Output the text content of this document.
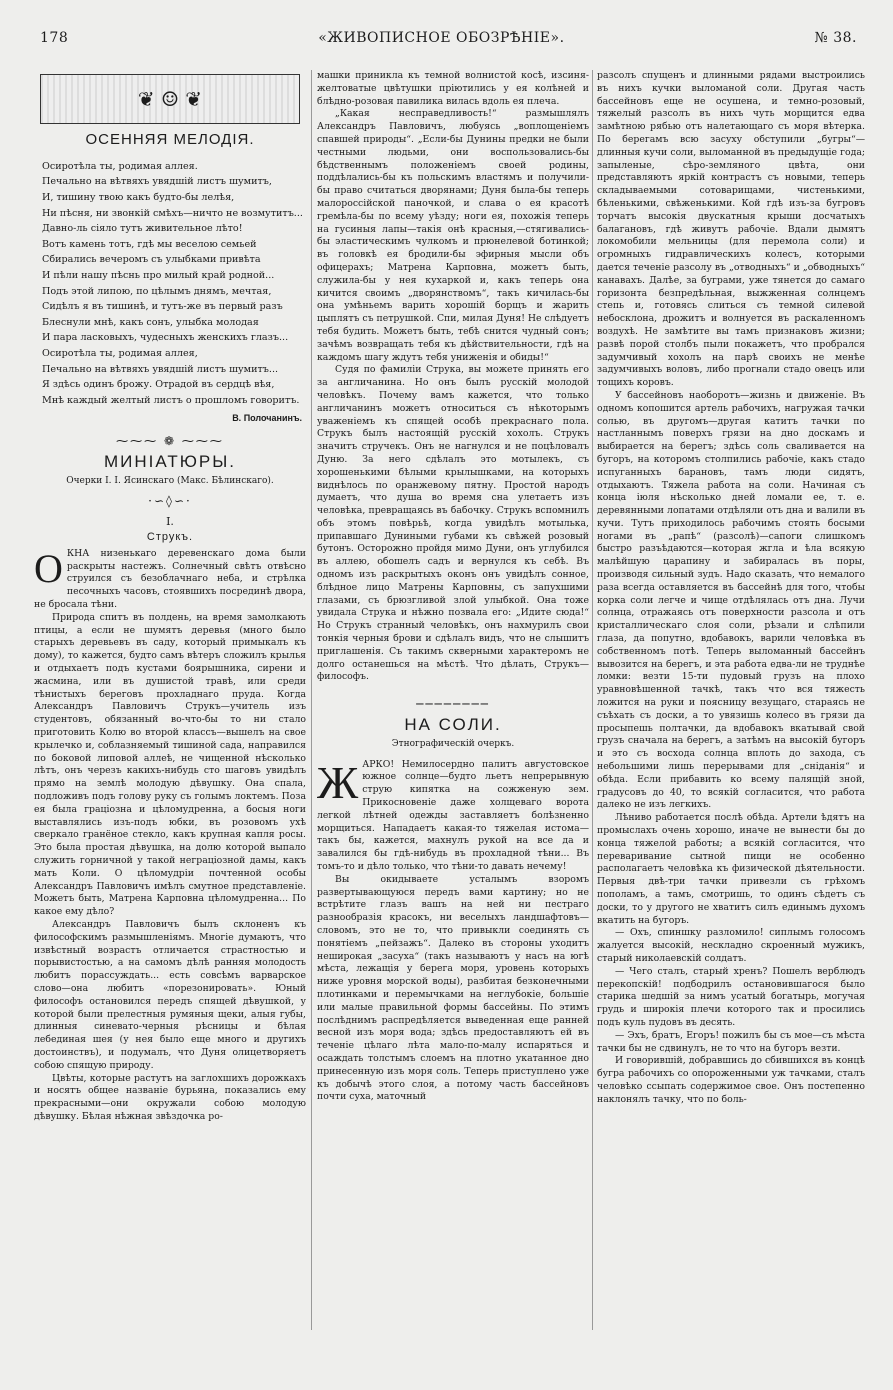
178	«ЖИВОПИСНОЕ ОБОЗРѢНІЕ».	№ 38.
❦ ☺ ❦
ОСЕННЯЯ МЕЛОДІЯ.
Осиротѣла ты, родимая аллея.
Печально на вѣтвяхъ увядшій листъ шумитъ,
И, тишину твою какъ будто-бы лелѣя,
Ни пѣсня, ни звонкій смѣхъ—ничто не возмутитъ...
Давно-ль сіяло тутъ живительное лѣто!
Вотъ камень тотъ, гдѣ мы веселою семьей
Сбирались вечеромъ съ улыбками привѣта
И пѣли нашу пѣснь про милый край родной...
Подъ этой липою, по цѣлымъ днямъ, мечтая,
Сидѣлъ я въ тишинѣ, и тутъ-же въ первый разъ
Блеснули мнѣ, какъ сонъ, улыбка молодая
И пара ласковыхъ, чудесныхъ женскихъ глазъ...
Осиротѣла ты, родимая аллея,
Печально на вѣтвяхъ увядшій листъ шумитъ...
Я здѣсь одинъ брожу. Отрадой въ сердцѣ вѣя,
Мнѣ каждый желтый листъ о прошломъ говоритъ.
В. Полочанинъ.
⁓⁓⁓ ❁ ⁓⁓⁓
МИНІАТЮРЫ.
Очерки І. І. Ясинскаго (Макс. Бѣлинскаго).
·∽◊∽·
I.
Струкъ.
О КНА низенькаго деревенскаго дома были раскрыты настежъ. Солнечный свѣтъ отвѣсно струился съ безоблачнаго неба, и стрѣлка песочныхъ часовъ, стоявшихъ посрединѣ двора, не бросала тѣни.

Природа спитъ въ полдень, на время замолкають птицы, а если не шумятъ деревья (много было старыхъ деревьевъ въ саду, который примыкалъ къ дому), то кажется, будто самъ вѣтеръ сложилъ крылья и отдыхаетъ подъ кустами боярышника, сирени и жасмина, или въ душистой травѣ, или среди тѣнистыхъ береговъ прохладнаго пруда. Когда Александръ Павловичъ Струкъ—учитель изъ студентовъ, обязанный во-что-бы то ни стало приготовить Колю во второй классъ—вышелъ на свое крылечко и, соблазняемый тишиной сада, направился по боковой липовой аллеѣ, не чищенной нѣсколько лѣтъ, онъ черезъ какихъ-нибудь сто шаговъ увидѣлъ прямо на землѣ молодую дѣвушку. Она спала, подложивъ подъ голову руку съ голымъ локтемъ. Поза ея была граціозна и цѣломудренна, а босыя ноги выставлялись изъ-подъ юбки, въ розовомъ ухѣ сверкало гранёное стекло, какъ крупная капля росы. Это была простая дѣвушка, на долю которой выпало служить горничной у такой неграціозной дамы, какъ мать Коли. О цѣломудріи почтенной особы Александръ Павловичъ имѣлъ смутное представленіе. Можетъ быть, Матрена Карповна цѣломудренна... По какое ему дѣло?

Александръ Павловичъ былъ склоненъ къ философскимъ размышленіямъ. Многіе думаютъ, что извѣстный возрастъ отличается страстностью и порывистостью, а на самомъ дѣлѣ ранняя молодость любитъ порассуждать... есть совсѣмъ варварское слово—она любитъ «порезонировать». Юный философъ остановился передъ спящей дѣвушкой, у которой были прелестныя румяныя щеки, алыя губы, длинныя синевато-черныя рѣсницы и бѣлая лебединая шея (у нея было еще много и другихъ достоинствъ), и подумалъ, что Дуня олицетворяетъ собою спящую природу.

Цвѣты, которые растутъ на заглохшихъ дорожкахъ и носятъ общее названіе бурьяна, показались ему прекрасными—они окружали собою молодую дѣвушку. Бѣлая нѣжная звѣздочка ро-

машки приникла къ темной волнистой косѣ, изсиня-желтоватые цвѣтушки пріютились у ея колѣней и блѣдно-розовая павилика вилась вдоль ея плеча.

„Какая несправедливость!“ размышлялъ Александръ Павловичъ, любуясь „воплощеніемъ спавшей природы“. „Если-бы Дунины предки не были честными людьми, они воспользовались-бы бѣдственнымъ положеніемъ своей родины, поддѣлались-бы къ польскимъ властямъ и получили-бы право считаться дворянами; Дуня была-бы теперь малороссійской паночкой, и слава о ея красотѣ гремѣла-бы по всему уѣзду; ноги ея, похожія теперь на гусиныя лапы—такія онѣ красныя,—стягивались-бы эластическимъ чулкомъ и прюнелевой ботинкой; въ головкѣ ея бродили-бы эфирныя мысли объ офицерахъ; Матрена Карповна, можетъ быть, служила-бы у нея кухаркой и, какъ теперь она кичится своимъ „дворянствомъ“, такъ кичилась-бы она умѣньемъ варить хорошій борщъ и жарить цыплятъ съ петрушкой. Спи, милая Дуня! Не слѣдуетъ тебя будить. Можетъ быть, тебѣ снится чудный сонъ; зачѣмъ возвращать тебя къ дѣйствительности, гдѣ на каждомъ шагу ждутъ тебя униженія и обиды!“

Судя по фамиліи Струка, вы можете принять его за англичанина. Но онъ былъ русскій молодой человѣкъ. Почему вамъ кажется, что только англичанинъ можетъ относиться съ нѣкоторымъ уваженіемъ къ спящей особѣ прекраснаго пола. Струкъ былъ настоящій русскій хохолъ. Струкъ значитъ стручекъ. Онъ не нагнулся и не поцѣловалъ Дуню. За него сдѣлалъ это мотылекъ, съ хорошенькими бѣлыми крылышками, на которыхъ виднѣлось по оранжевому пятну. Простой народъ думаетъ, что душа во время сна улетаетъ изъ человѣка, превращаясь въ бабочку. Струкъ вспомнилъ объ этомъ повѣрьѣ, когда увидѣлъ мотылька, припавшаго Дуниными губами къ свѣжей розовый бутонъ. Осторожно пройдя мимо Дуни, онъ углубился въ аллею, обошелъ садъ и вернулся къ себѣ. Въ одномъ изъ раскрытыхъ оконъ онъ увидѣлъ сонное, блѣдное лицо Матрены Карповны, съ запухшими глазами, съ брюзгливой злой улыбкой. Она тоже увидала Струка и нѣжно позвала его: „Идите сюда!“ Но Струкъ странный человѣкъ, онъ нахмурилъ свои тонкія черныя брови и сдѣлалъ видъ, что не слышитъ приглашенія. Съ такимъ скверными характеромъ не долго останешься на мѣстѣ. Что дѣлать, Струкъ—философъ.

────────
НА СОЛИ.
Этнографическій очеркъ.
Ж АРКО! Немилосердно палитъ августовское южное солнце—будто льетъ непрерывную струю кипятка на сожженую зем. Прикосновеніе даже холщеваго ворота легкой лѣтней одежды заставляетъ болѣзненно морщиться. Нападаетъ какая-то тяжелая истома—такъ бы, кажется, махнулъ рукой на все да и завалился бы гдѣ-нибудь въ прохладной тѣни... Въ томъ-то и дѣло только, что тѣни-то давать нечему!

Вы окидываете усталымъ взоромъ развертывающуюся передъ вами картину; но не встрѣтите глазъ вашъ на ней ни пестраго разнообразія красокъ, ни веселыхъ ландшафтовъ—словомъ, это не то, что привыкли соединять съ понятіемъ „пейзажъ“. Далеко въ стороны уходитъ неширокая „засуха“ (такъ называютъ у насъ на югѣ мѣста, лежащія у берега моря, уровень которыхъ ниже уровня морской воды), разбитая безконечными плотинками и перемычками на неглубокіе, большіе или малые правильной формы бассейны. По этимъ послѣднимъ распредѣляется выведенная еще ранней весной изъ моря вода; здѣсь предоставляютъ ей въ теченіе цѣлаго лѣта мало-по-малу испаряться и осаждать толстымъ слоемъ на плотно укатанное дно принесенную изъ моря соль. Теперь приступлено уже къ добычѣ этого слоя, а потому часть бассейновъ почти суха, маточный

разсолъ спущенъ и длинными рядами выстроились въ нихъ кучки выломаной соли. Другая часть бассейновъ еще не осушена, и темно-розовый, тяжелый разсолъ въ нихъ чуть морщится едва замѣтною рябью отъ налетающаго съ моря вѣтерка. По берегамъ всю засуху обступили „бугры“—длинныя кучи соли, выломанной въ предыдущіе года; запыленые, сѣро-земляного цвѣта, они представляютъ яркій контрастъ съ новыми, теперь складываемыми сотоварищами, чистенькими, бѣленькими, свѣженькими. Кой гдѣ изъ-за бугровъ торчатъ высокія двускатныя крыши досчатыхъ балагановъ, гдѣ живутъ рабочіе. Вдали дымятъ локомобили мельницы (для перемола соли) и огромныхъ гидравлическихъ колесъ, которыми дается теченіе разсолу въ „отводныхъ“ и „обводныхъ“ канавахъ. Далѣе, за буграми, уже тянется до самаго горизонта безпредѣльная, выжженная солнцемъ степь и, готовясь слиться съ темной силевой небосклона, дрожитъ и волнуется въ раскаленномъ воздухѣ. Не замѣтите вы тамъ признаковъ жизни; развѣ порой столбъ пыли покажетъ, что пробрался задумчивый хохолъ на парѣ своихъ не менѣе задумчивыхъ воловъ, либо прогнали стадо овецъ или тощихъ коровъ.

У бассейновъ наоборотъ—жизнь и движеніе. Въ одномъ копошится артель рабочихъ, нагружая тачки солью, въ другомъ—другая катитъ тачки по настланнымъ поверхъ грязи на дно доскамъ и выбирается на берегъ; здѣсь соль сваливается на бугоръ, на которомъ столпились рабочіе, какъ стадо испуганныхъ барановъ, тамъ люди сидятъ, отдыхаютъ. Тяжела работа на соли. Начиная съ конца іюля нѣсколько дней ломали ее, т. е. деревянными лопатами отдѣляли отъ дна и валили въ кучи. Тутъ приходилось рабочимъ стоять босыми ногами въ „рапѣ“ (разсолѣ)—сапоги слишкомъ быстро разъѣдаются—которая жгла и ѣла всякую малѣйшую царапину и забиралась въ поры, производя сильный зудъ. Надо сказать, что немалого раза всегда оставляется въ бассейнѣ для того, чтобы корка соли легче и чище отдѣлялась отъ дна. Лучи солнца, отражаясь отъ поверхности разсола и отъ кристаллическаго слоя соли, рѣзали и слѣпили глаза, да попутно, вдобавокъ, варили человѣка въ собственномъ потѣ. Теперь выломанный бассейнъ вывозится на берегъ, и эта работа едва-ли не труднѣе ломки: везти 15-ти пудовый грузъ на плохо уравновѣшенной тачкѣ, такъ что вся тяжесть ложится на руки и поясницу везущаго, стараясь не съѣхать съ доски, а то увязишь колесо въ грязи да просыпешь полтачки, да вдобавокъ вкатывай свой грузъ сначала на берегъ, а затѣмъ на высокій бугоръ и это съ восхода солнца вплоть до захода, съ небольшими лишь перерывами для „сніданія“ и обѣда. Если прибавить ко всему палящій зной, градусовъ до 40, то всякій согласится, что работа далеко не изъ легкихъ.

Лѣниво работается послѣ обѣда. Артели ѣдятъ на промыслахъ очень хорошо, иначе не вынести бы до конца тяжелой работы; а всякій согласится, что переваривание сытной пищи не особенно располагаетъ человѣка къ физической дѣятельности. Первыя двѣ-три тачки привезли съ грѣхомъ пополамъ, а тамъ, смотришь, то одинъ сѣдетъ съ доски, то у другого не хватитъ силъ единымъ духомъ вкатить на бугоръ.

— Охъ, спиншку разломило! сиплымъ голосомъ жалуется высокій, нескладно скроенный мужикъ, старый николаевскій солдатъ.

— Чего сталъ, старый хренъ? Пошелъ верблюдъ перекопскій! подбодрилъ остановившагося было старика шедшій за нимъ усатый богатырь, могучая грудь и широкія плечи которого так и просились подъ куль пудовъ въ десять.

— Эхъ, братъ, Егоръ! пожилъ бы съ мое—съ мѣста тачки бы не сдвинулъ, не то что на бугоръ везти.

И говорившій, добравшись до сбившихся въ концѣ бугра рабочихъ со опороженными уж тачками, сталъ человѣко ссыпать содержимое свое. Онъ постепенно наклонялъ тачку, что по боль-
